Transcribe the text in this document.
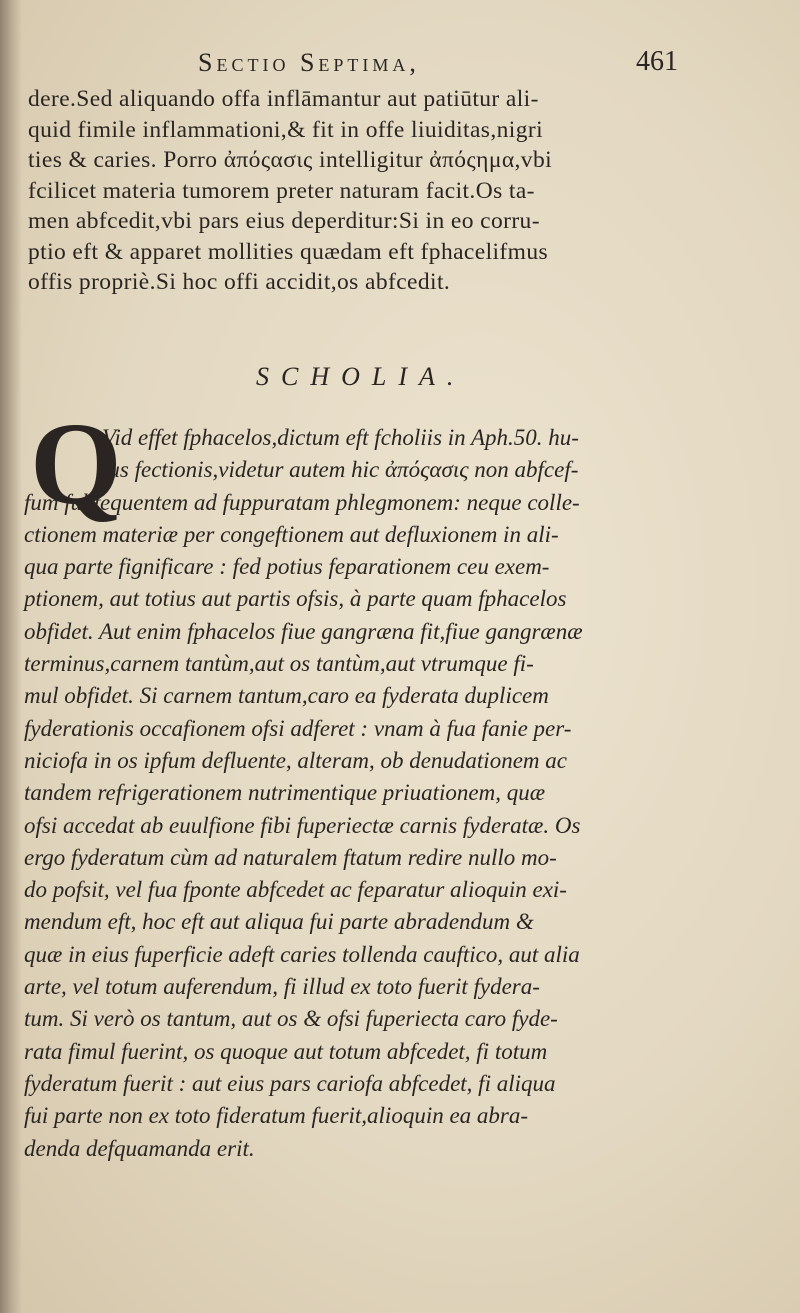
Sectio Septima,	461
dere.Sed aliquando offa inflāmantur aut patiūtur ali-
quid fimile inflammationi,& fit in offe liuiditas,nigri
ties & caries. Porro ἀπόςασις intelligitur ἀπόςημα,vbi
fcilicet materia tumorem preter naturam facit.Os ta-
men abfcedit,vbi pars eius deperditur:Si in eo corru-
ptio eft & apparet mollities quædam eft fphacelifmus
offis propriè.Si hoc offi accidit,os abfcedit.
SCHOLIA.
Q
Vid effet fphacelos,dictum eft fcholiis in Aph.50. hu-
ius fectionis,videtur autem hic ἀπόςασις non abfcef-
fum fubfequentem ad fuppuratam phlegmonem: neque colle-
ctionem materiæ per congeftionem aut defluxionem in ali-
qua parte fignificare : fed potius feparationem ceu exem-
ptionem, aut totius aut partis ofsis, à parte quam fphacelos
obfidet. Aut enim fphacelos fiue gangræna fit,fiue gangrænæ
terminus,carnem tantùm,aut os tantùm,aut vtrumque fi-
mul obfidet. Si carnem tantum,caro ea fyderata duplicem
fyderationis occafionem ofsi adferet : vnam à fua fanie per-
niciofa in os ipfum defluente, alteram, ob denudationem ac
tandem refrigerationem nutrimentique priuationem, quæ
ofsi accedat ab euulfione fibi fuperiectæ carnis fyderatæ. Os
ergo fyderatum cùm ad naturalem ftatum redire nullo mo-
do pofsit, vel fua fponte abfcedet ac feparatur alioquin exi-
mendum eft, hoc eft aut aliqua fui parte abradendum &
quæ in eius fuperficie adeft caries tollenda cauftico, aut alia
arte, vel totum auferendum, fi illud ex toto fuerit fydera-
tum. Si verò os tantum, aut os & ofsi fuperiecta caro fyde-
rata fimul fuerint, os quoque aut totum abfcedet, fi totum
fyderatum fuerit : aut eius pars cariofa abfcedet, fi aliqua
fui parte non ex toto fideratum fuerit,alioquin ea abra-
denda defquamanda erit.
